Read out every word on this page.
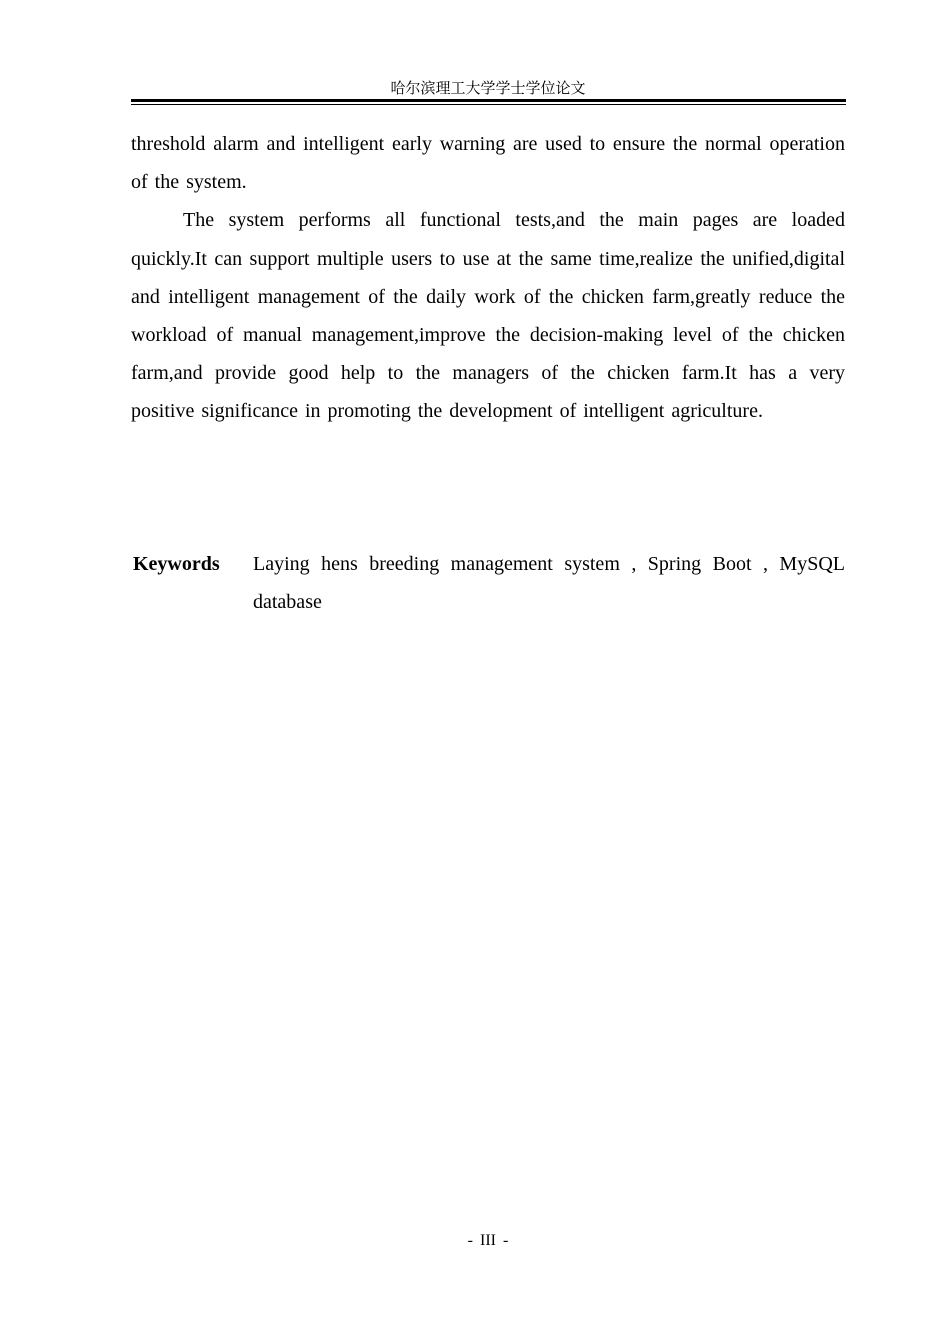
哈尔滨理工大学学士学位论文

threshold alarm and intelligent early warning are used to ensure the normal operation of the system.

The system performs all functional tests,and the main pages are loaded quickly.It can support multiple users to use at the same time,realize the unified,digital and intelligent management of the daily work of the chicken farm,greatly reduce the workload of manual management,improve the decision-making level of the chicken farm,and provide good help to the managers of the chicken farm.It has a very positive significance in promoting the development of intelligent agriculture.

Keywords	Laying hens breeding management system , Spring Boot , MySQL database
- III -
